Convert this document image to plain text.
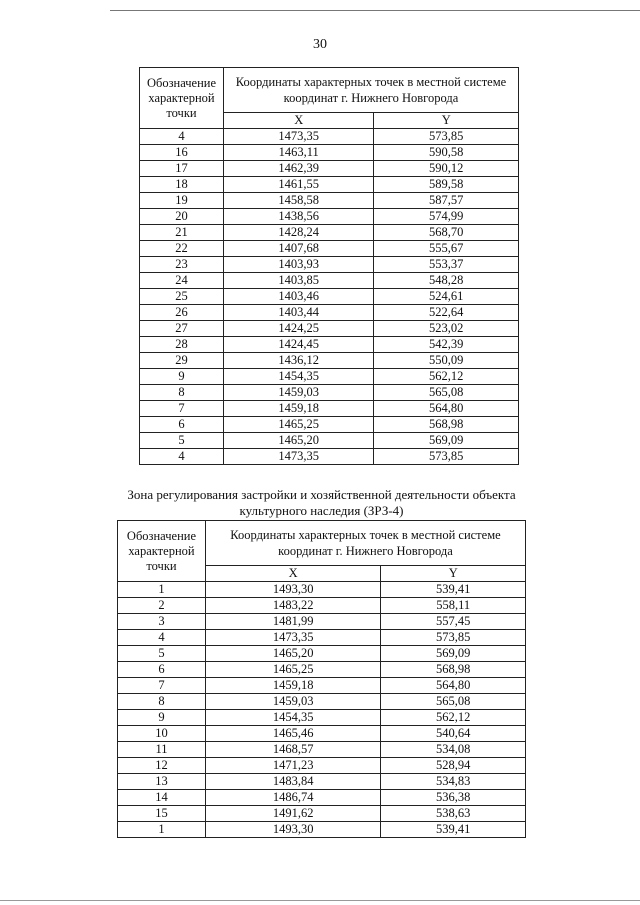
30
Обозначение характерной точки	Координаты характерных точек в местной системе координат г. Нижнего Новгорода	
	X	Y
4	1473,35	573,85
16	1463,11	590,58
17	1462,39	590,12
18	1461,55	589,58
19	1458,58	587,57
20	1438,56	574,99
21	1428,24	568,70
22	1407,68	555,67
23	1403,93	553,37
24	1403,85	548,28
25	1403,46	524,61
26	1403,44	522,64
27	1424,25	523,02
28	1424,45	542,39
29	1436,12	550,09
9	1454,35	562,12
8	1459,03	565,08
7	1459,18	564,80
6	1465,25	568,98
5	1465,20	569,09
4	1473,35	573,85
Зона регулирования застройки и хозяйственной деятельности объекта культурного наследия (ЗРЗ-4)
Обозначение характерной точки	Координаты характерных точек в местной системе координат г. Нижнего Новгорода	
	X	Y
1	1493,30	539,41
2	1483,22	558,11
3	1481,99	557,45
4	1473,35	573,85
5	1465,20	569,09
6	1465,25	568,98
7	1459,18	564,80
8	1459,03	565,08
9	1454,35	562,12
10	1465,46	540,64
11	1468,57	534,08
12	1471,23	528,94
13	1483,84	534,83
14	1486,74	536,38
15	1491,62	538,63
1	1493,30	539,41
